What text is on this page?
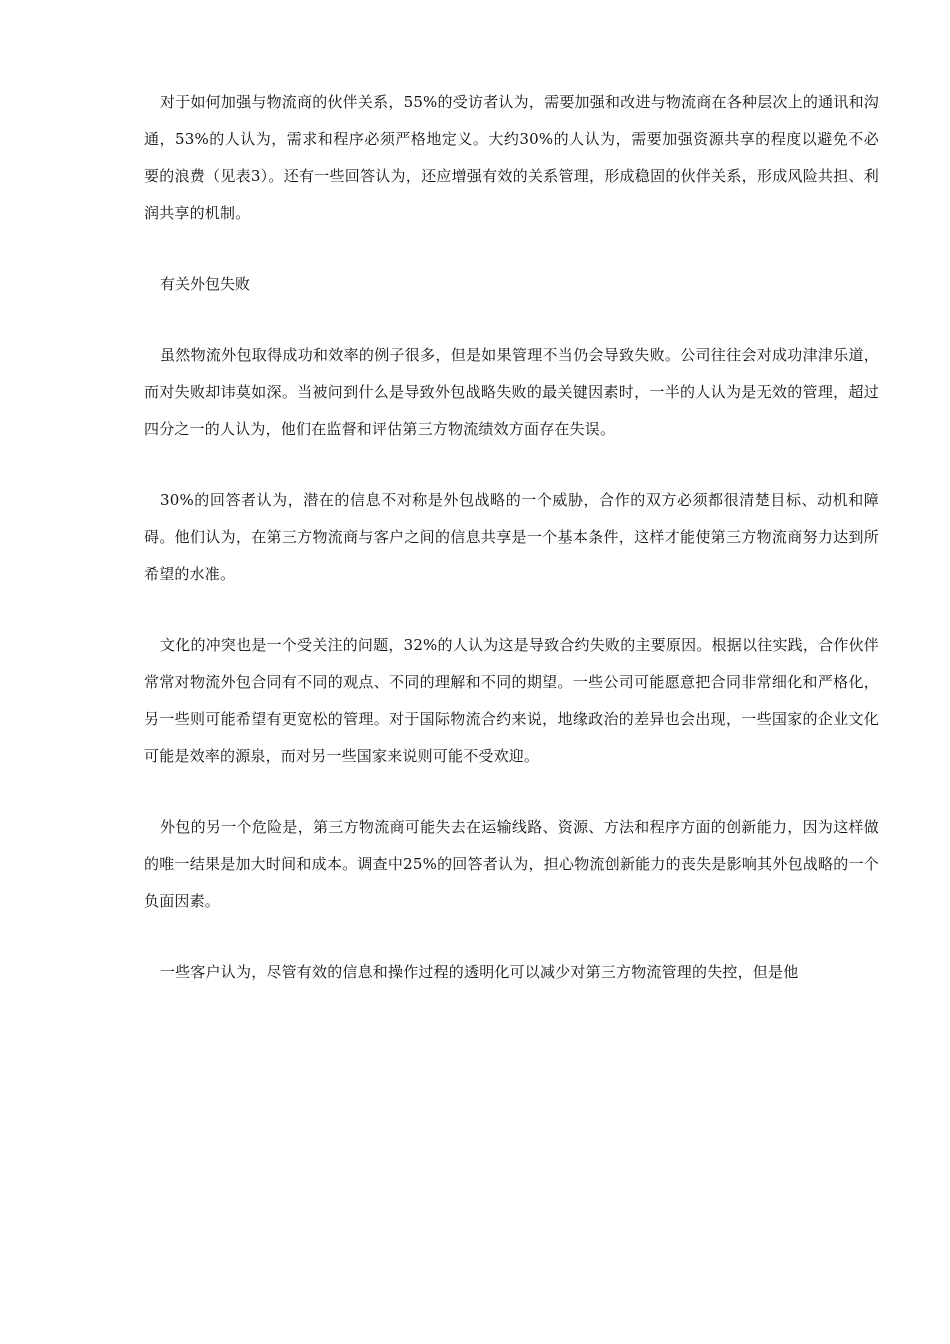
对于如何加强与物流商的伙伴关系，55%的受访者认为，需要加强和改进与物流商在各种层次上的通讯和沟通，53%的人认为，需求和程序必须严格地定义。大约30%的人认为，需要加强资源共享的程度以避免不必要的浪费（见表3）。还有一些回答认为，还应增强有效的关系管理，形成稳固的伙伴关系，形成风险共担、利润共享的机制。

有关外包失败

虽然物流外包取得成功和效率的例子很多，但是如果管理不当仍会导致失败。公司往往会对成功津津乐道，而对失败却讳莫如深。当被问到什么是导致外包战略失败的最关键因素时，一半的人认为是无效的管理，超过四分之一的人认为，他们在监督和评估第三方物流绩效方面存在失误。

30%的回答者认为，潜在的信息不对称是外包战略的一个威胁，合作的双方必须都很清楚目标、动机和障碍。他们认为，在第三方物流商与客户之间的信息共享是一个基本条件，这样才能使第三方物流商努力达到所希望的水准。

文化的冲突也是一个受关注的问题，32%的人认为这是导致合约失败的主要原因。根据以往实践，合作伙伴常常对物流外包合同有不同的观点、不同的理解和不同的期望。一些公司可能愿意把合同非常细化和严格化，另一些则可能希望有更宽松的管理。对于国际物流合约来说，地缘政治的差异也会出现，一些国家的企业文化可能是效率的源泉，而对另一些国家来说则可能不受欢迎。

外包的另一个危险是，第三方物流商可能失去在运输线路、资源、方法和程序方面的创新能力，因为这样做的唯一结果是加大时间和成本。调查中25%的回答者认为，担心物流创新能力的丧失是影响其外包战略的一个负面因素。

一些客户认为，尽管有效的信息和操作过程的透明化可以减少对第三方物流管理的失控，但是他
